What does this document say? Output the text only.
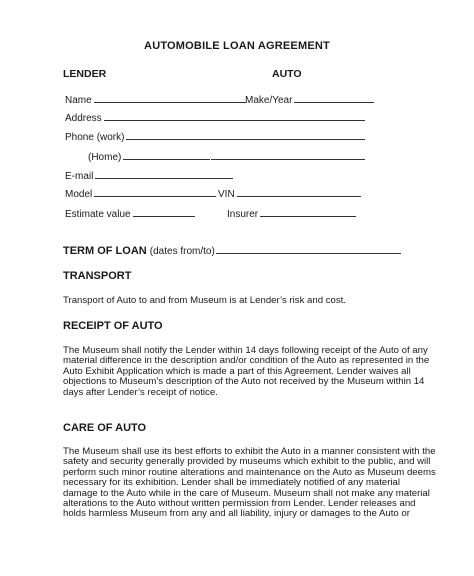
AUTOMOBILE LOAN AGREEMENT
LENDER	AUTO
Name	Make/Year
Address
Phone (work)
(Home)
E-mail
Model	VIN
Estimate value	Insurer
TERM OF LOAN (dates from/to)
TRANSPORT
Transport of Auto to and from Museum is at Lender’s risk and cost.
RECEIPT OF AUTO
The Museum shall notify the Lender within 14 days following receipt of the Auto of any
material difference in the description and/or condition of the Auto as represented in the
Auto Exhibit Application which is made a part of this Agreement. Lender waives all
objections to Museum’s description of the Auto not received by the Museum within 14
days after Lender’s receipt of notice.
CARE OF AUTO
The Museum shall use its best efforts to exhibit the Auto in a manner consistent with the
safety and security generally provided by museums which exhibit to the public, and will
perform such minor routine alterations and maintenance on the Auto as Museum deems
necessary for its exhibition. Lender shall be immediately notified of any material
damage to the Auto while in the care of Museum. Museum shall not make any material
alterations to the Auto without written permission from Lender. Lender releases and
holds harmless Museum from any and all liability, injury or damages to the Auto or
